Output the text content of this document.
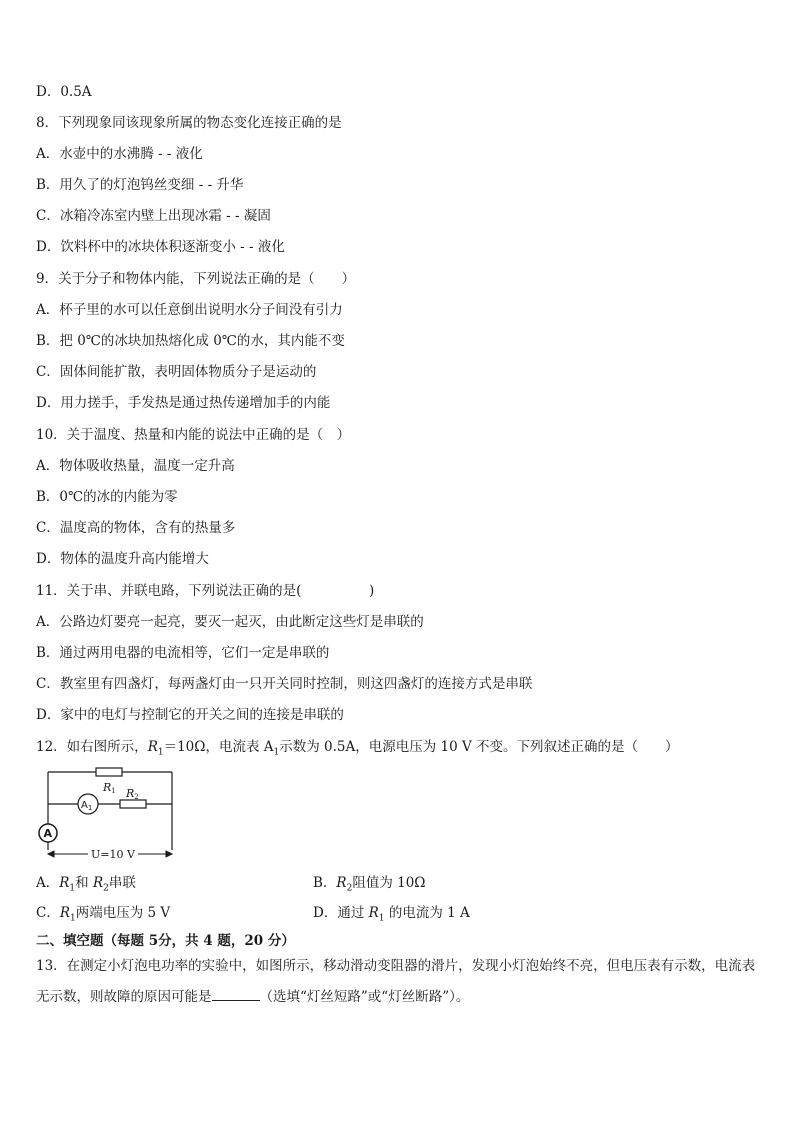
D．0.5A
8．下列现象同该现象所属的物态变化连接正确的是
A．水壶中的水沸腾 - - 液化
B．用久了的灯泡钨丝变细 - - 升华
C．冰箱冷冻室内壁上出现冰霜 - - 凝固
D．饮料杯中的冰块体积逐渐变小 - - 液化
9．关于分子和物体内能，下列说法正确的是（　　）
A．杯子里的水可以任意倒出说明水分子间没有引力
B．把 0℃的冰块加热熔化成 0℃的水，其内能不变
C．固体间能扩散，表明固体物质分子是运动的
D．用力搓手，手发热是通过热传递增加手的内能
10．关于温度、热量和内能的说法中正确的是（　）
A．物体吸收热量，温度一定升高
B．0℃的冰的内能为零
C．温度高的物体，含有的热量多
D．物体的温度升高内能增大
11．关于串、并联电路，下列说法正确的是(　　　　　)
A．公路边灯要亮一起亮，要灭一起灭，由此断定这些灯是串联的
B．通过两用电器的电流相等，它们一定是串联的
C．教室里有四盏灯，每两盏灯由一只开关同时控制，则这四盏灯的连接方式是串联
D．家中的电灯与控制它的开关之间的连接是串联的
12．如右图所示，$R_1=10\Omega$，电流表 $A_1$示数为 0.5A，电源电压为 10 V 不变。下列叙述正确的是（　　）
R1
$A_1$
R2
A
U=10 V
A．$R_1$和 $R_2$串联	B．$R_2$阻值为 10Ω
C．$R_1$两端电压为 5 V	D．通过 $R_1$ 的电流为 1 A
二、填空题（每题 5分，共 4 题，20 分）
13．在测定小灯泡电功率的实验中，如图所示，移动滑动变阻器的滑片，发现小灯泡始终不亮，但电压表有示数，电流表无示数，则故障的原因可能是	（选填“灯丝短路”或“灯丝断路”）。
